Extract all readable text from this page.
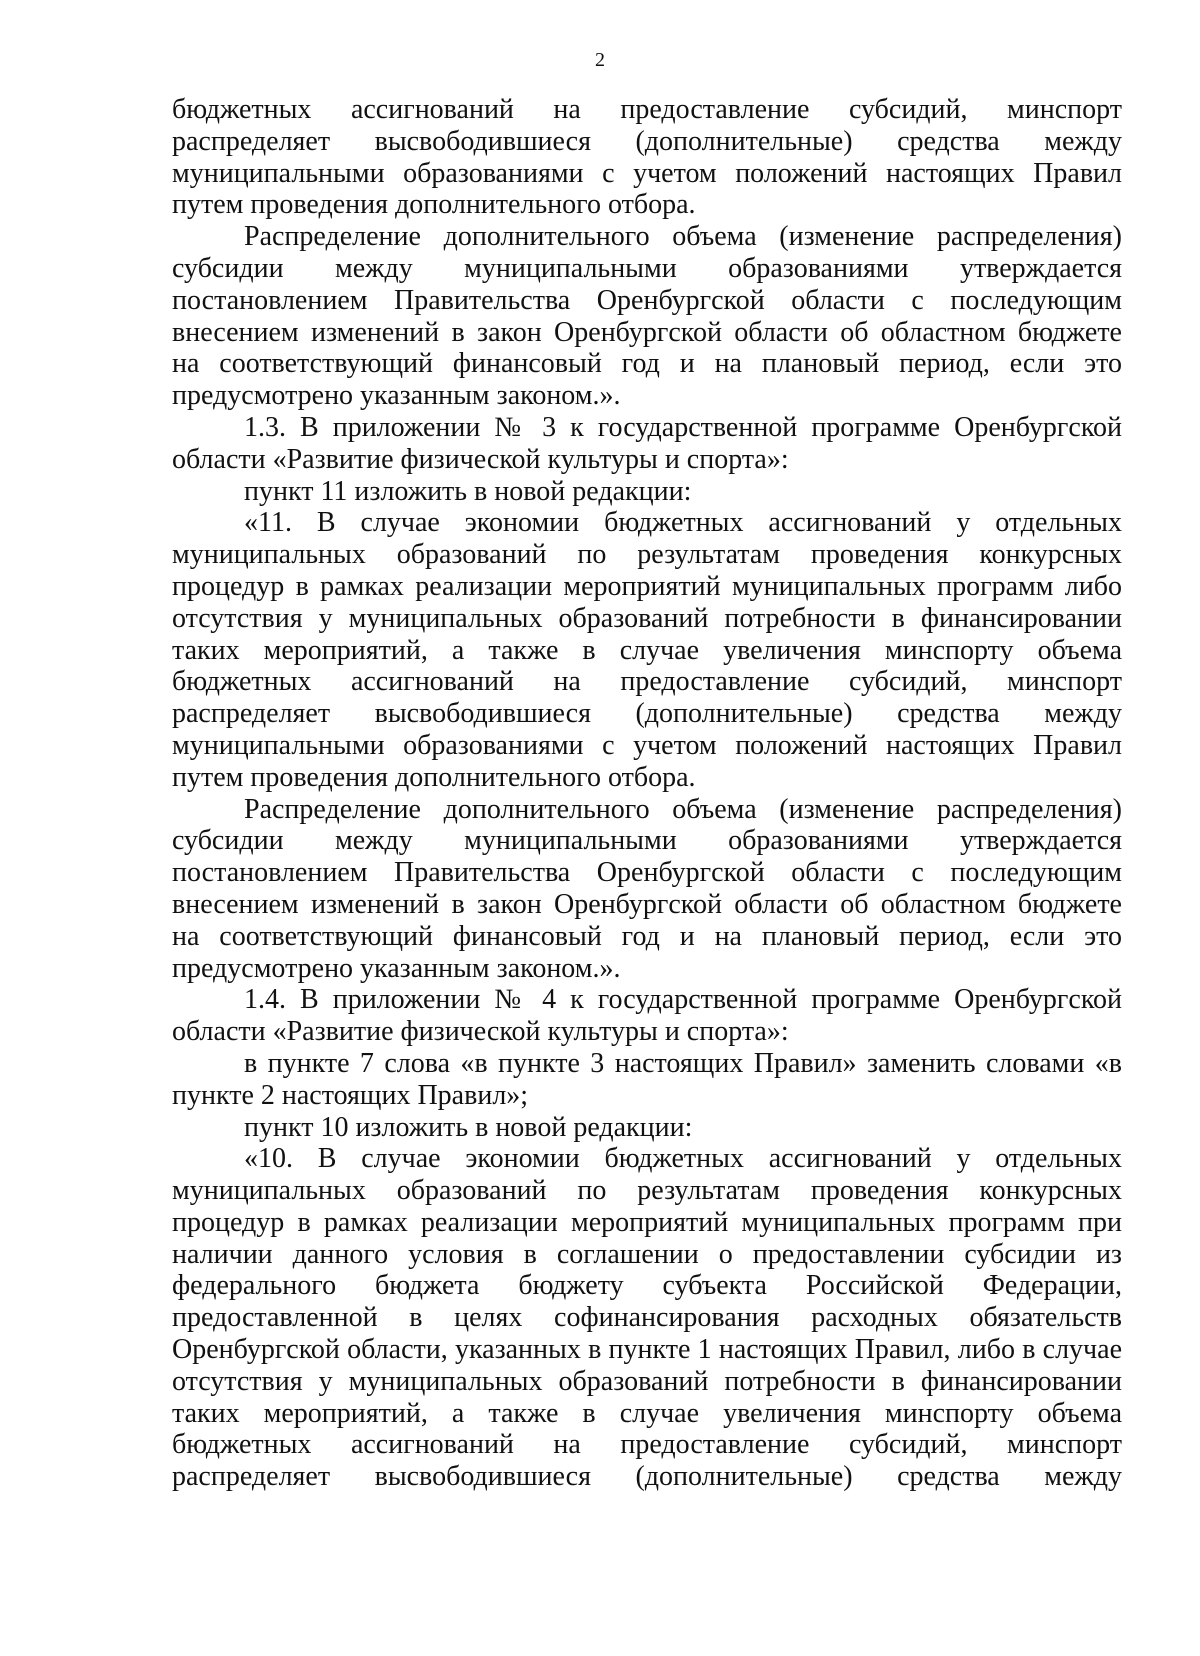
2
бюджетных ассигнований на предоставление субсидий, минспорт
распределяет высвободившиеся (дополнительные) средства между
муниципальными образованиями с учетом положений настоящих Правил
путем проведения дополнительного отбора.
Распределение дополнительного объема (изменение распределения)
субсидии между муниципальными образованиями утверждается
постановлением Правительства Оренбургской области с последующим
внесением изменений в закон Оренбургской области об областном бюджете
на соответствующий финансовый год и на плановый период, если это
предусмотрено указанным законом.».
1.3. В приложении № 3 к государственной программе Оренбургской
области «Развитие физической культуры и спорта»:
пункт 11 изложить в новой редакции:
«11. В случае экономии бюджетных ассигнований у отдельных
муниципальных образований по результатам проведения конкурсных
процедур в рамках реализации мероприятий муниципальных программ либо
отсутствия у муниципальных образований потребности в финансировании
таких мероприятий, а также в случае увеличения минспорту объема
бюджетных ассигнований на предоставление субсидий, минспорт
распределяет высвободившиеся (дополнительные) средства между
муниципальными образованиями с учетом положений настоящих Правил
путем проведения дополнительного отбора.
Распределение дополнительного объема (изменение распределения)
субсидии между муниципальными образованиями утверждается
постановлением Правительства Оренбургской области с последующим
внесением изменений в закон Оренбургской области об областном бюджете
на соответствующий финансовый год и на плановый период, если это
предусмотрено указанным законом.».
1.4. В приложении № 4 к государственной программе Оренбургской
области «Развитие физической культуры и спорта»:
в пункте 7 слова «в пункте 3 настоящих Правил» заменить словами «в
пункте 2 настоящих Правил»;
пункт 10 изложить в новой редакции:
«10. В случае экономии бюджетных ассигнований у отдельных
муниципальных образований по результатам проведения конкурсных
процедур в рамках реализации мероприятий муниципальных программ при
наличии данного условия в соглашении о предоставлении субсидии из
федерального бюджета бюджету субъекта Российской Федерации,
предоставленной в целях софинансирования расходных обязательств
Оренбургской области, указанных в пункте 1 настоящих Правил, либо в случае
отсутствия у муниципальных образований потребности в финансировании
таких мероприятий, а также в случае увеличения минспорту объема
бюджетных ассигнований на предоставление субсидий, минспорт
распределяет высвободившиеся (дополнительные) средства между
